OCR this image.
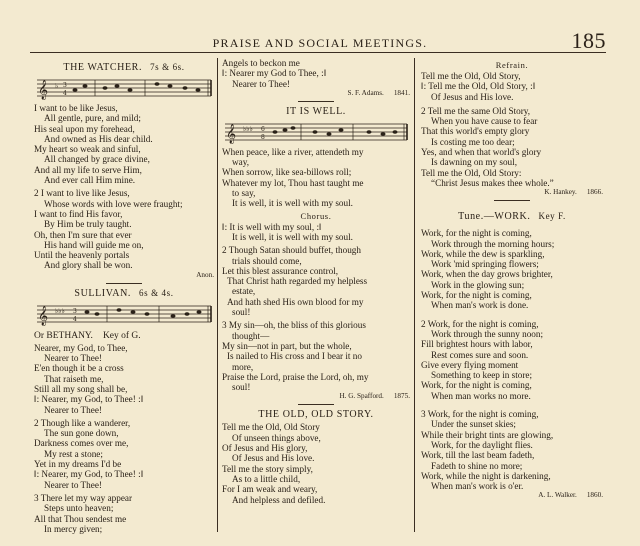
PRAISE AND SOCIAL MEETINGS.	185
THE WATCHER. 7s & 6s.
𝄞 ♭ 3
4
I want to be like Jesus,
All gentle, pure, and mild;
His seal upon my forehead,
And owned as His dear child.
My heart so weak and sinful,
All changed by grace divine,
And all my life to serve Him,
And ever call Him mine.
2 I want to live like Jesus,
Whose words with love were fraught;
I want to find His favor,
By Him be truly taught.
Oh, then I'm sure that ever
His hand will guide me on,
Until the heavenly portals
And glory shall be won.
Anon.
SULLIVAN. 6s & 4s.
𝄞 ♭♭♭ 3
4
Or BETHANY. Key of G.
Nearer, my God, to Thee,
Nearer to Thee!
E'en though it be a cross
That raiseth me,
Still all my song shall be,
‖: Nearer, my God, to Thee! :‖
Nearer to Thee!
2 Though like a wanderer,
The sun gone down,
Darkness comes over me,
My rest a stone;
Yet in my dreams I'd be
‖: Nearer, my God, to Thee! :‖
Nearer to Thee!
3 There let my way appear
Steps unto heaven;
All that Thou sendest me
In mercy given;
Angels to beckon me
‖: Nearer my God to Thee, :‖
Nearer to Thee!
S. F. Adams. 1841.
IT IS WELL.
𝄞 ♭♭♭ 6
8
When peace, like a river, attendeth my
way,
When sorrow, like sea-billows roll;
Whatever my lot, Thou hast taught me
to say,
It is well, it is well with my soul.
Chorus.
‖: It is well with my soul, :‖
It is well, it is well with my soul.
2 Though Satan should buffet, though
trials should come,
Let this blest assurance control,
That Christ hath regarded my helpless
estate,
And hath shed His own blood for my
soul!
3 My sin—oh, the bliss of this glorious
thought—
My sin—not in part, but the whole,
Is nailed to His cross and I bear it no
more,
Praise the Lord, praise the Lord, oh, my
soul!
H. G. Spafford. 1875.
THE OLD, OLD STORY.
Tell me the Old, Old Story
Of unseen things above,
Of Jesus and His glory,
Of Jesus and His love.
Tell me the story simply,
As to a little child,
For I am weak and weary,
And helpless and defiled.
Refrain.
Tell me the Old, Old Story,
‖: Tell me the Old, Old Story, :‖
Of Jesus and His love.
2 Tell me the same Old Story,
When you have cause to fear
That this world's empty glory
Is costing me too dear;
Yes, and when that world's glory
Is dawning on my soul,
Tell me the Old, Old Story:
“Christ Jesus makes thee whole.”
K. Hankey. 1866.
Tune.—WORK. Key F.
Work, for the night is coming,
Work through the morning hours;
Work, while the dew is sparkling,
Work 'mid springing flowers;
Work, when the day grows brighter,
Work in the glowing sun;
Work, for the night is coming,
When man's work is done.
2 Work, for the night is coming,
Work through the sunny noon;
Fill brightest hours with labor,
Rest comes sure and soon.
Give every flying moment
Something to keep in store;
Work, for the night is coming,
When man works no more.
3 Work, for the night is coming,
Under the sunset skies;
While their bright tints are glowing,
Work, for the daylight flies.
Work, till the last beam fadeth,
Fadeth to shine no more;
Work, while the night is darkening,
When man's work is o'er.
A. L. Walker. 1860.
